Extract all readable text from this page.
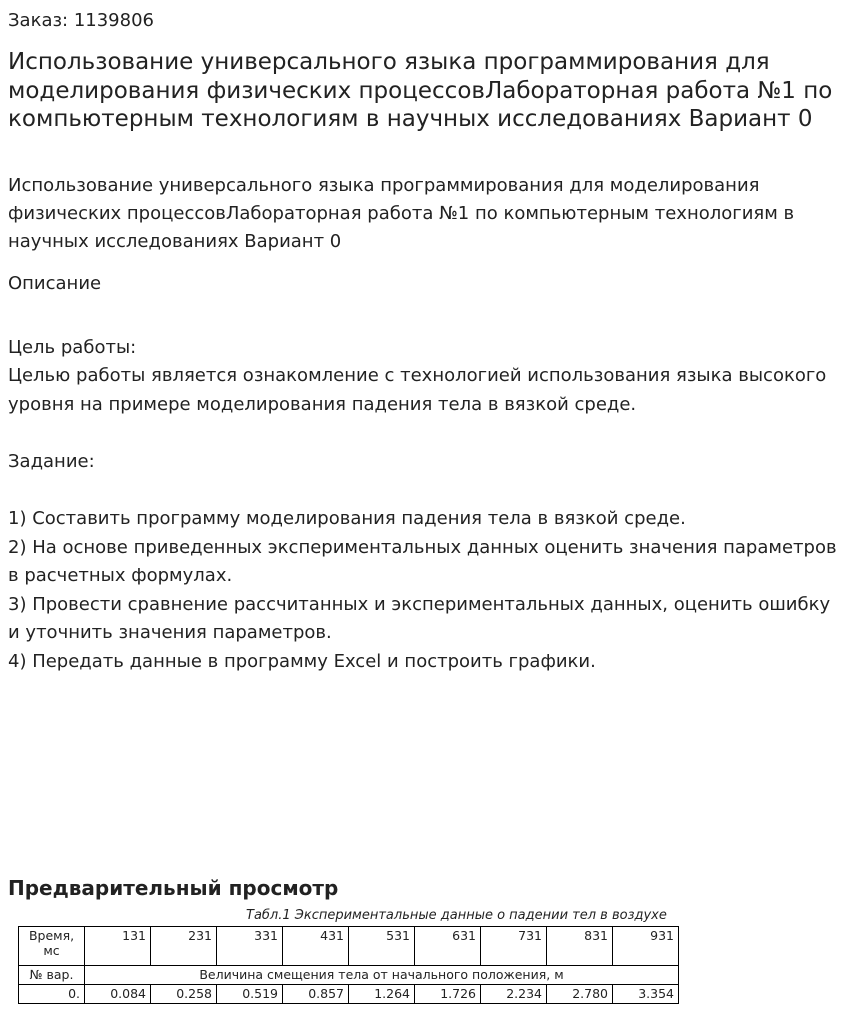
Заказ: 1139806
Использование универсального языка программирования для моделирования физических процессовЛабораторная работа №1 по компьютерным технологиям в научных исследованиях Вариант 0
Использование универсального языка программирования для моделирования физических процессовЛабораторная работа №1 по компьютерным технологиям в научных исследованиях Вариант 0
Описание
Цель работы:
Целью работы является ознакомление с технологией использования языка высокого уровня на примере моделирования падения тела в вязкой среде.
Задание:
1) Составить программу моделирования падения тела в вязкой среде.
2) На основе приведенных экспериментальных данных оценить значения параметров в расчетных формулах.
3) Провести сравнение рассчитанных и экспериментальных данных, оценить ошибку и уточнить значения параметров.
4) Передать данные в программу Excel и построить графики.
Предварительный просмотр
Табл.1 Экспериментальные данные о падении тел в воздухе
Время, мс	131	231	331	431	531	631	731	831	931
№ вар.	Величина смещения тела от начального положения, м								
0.	0.084	0.258	0.519	0.857	1.264	1.726	2.234	2.780	3.354
